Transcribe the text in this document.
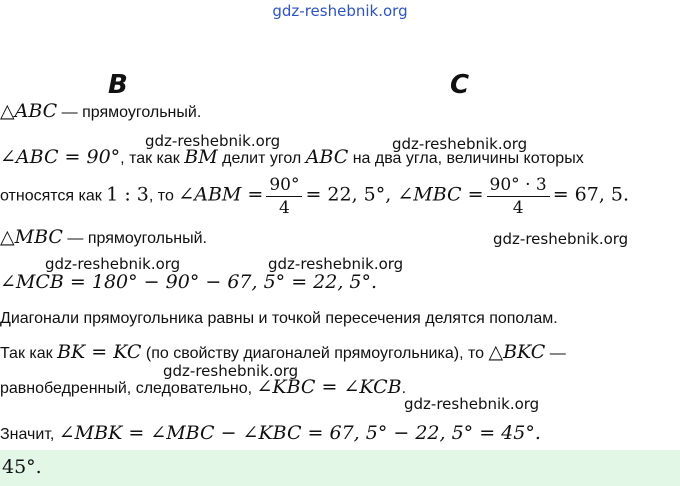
gdz-reshebnik.org
B	C
△ABC — прямоугольный.
gdz-reshebnik.org	gdz-reshebnik.org
∠ABC = 90°, так как BM делит угол ABC на два угла, величины которых
относятся как 1 : 3, то ∠ABM = $\frac{90^\circ}{4} = 22$, 5°, ∠MBC = $\frac{90^\circ \cdot 3}{4} = 67$, 5.
△MBC — прямоугольный.	gdz-reshebnik.org
gdz-reshebnik.org	gdz-reshebnik.org
∠MCB = 180° − 90° − 67, 5° = 22, 5°.
Диагонали прямоугольника равны и точкой пересечения делятся пополам.
Так как BK = KC (по свойству диагоналей прямоугольника), то △BKC —
gdz-reshebnik.org
равнобедренный, следовательно, ∠KBC = ∠KCB.
gdz-reshebnik.org
Значит, ∠MBK = ∠MBC − ∠KBC = 67, 5° − 22, 5° = 45°.
45°.
